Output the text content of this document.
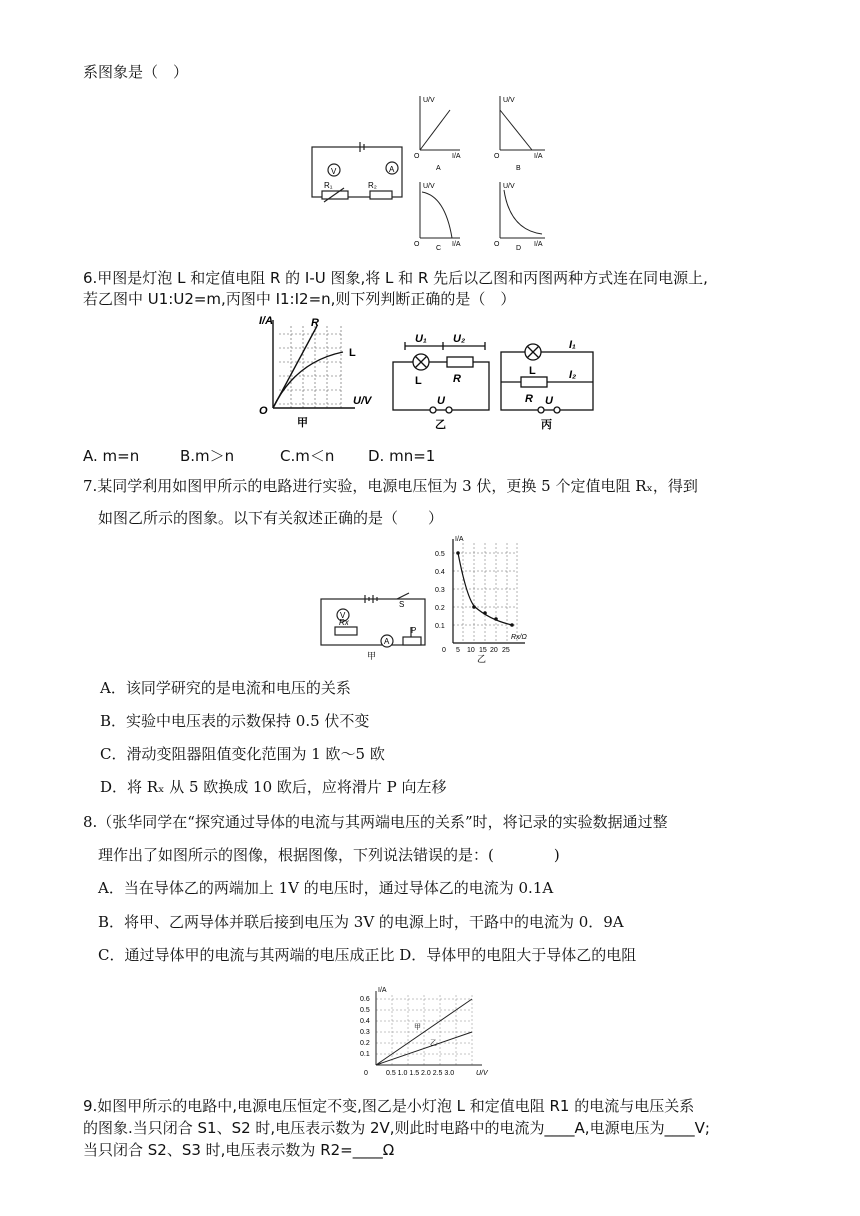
系图象是（　）
V	A
R₁	R₂
U/V
I/A
O
A
U/V
I/A
O
B
U/V
I/A
O
C
U/V
I/A
O
D
6.甲图是灯泡 L 和定值电阻 R 的 I-U 图象,将 L 和 R 先后以乙图和丙图两种方式连在同电源上,
若乙图中 U1:U2=m,丙图中 I1:I2=n,则下列判断正确的是（　）
I/A	R
L
U/V
O
甲
U₁ U₂
L	R
U
乙
I₁
I₂
L
R U
丙
A. m=n	B.m＞n	C.m＜n D. mn=1
7.某同学利用如图甲所示的电路进行实验，电源电压恒为 3 伏，更换 5 个定值电阻 Rₓ，得到
如图乙所示的图象。以下有关叙述正确的是（　　）
V
A
S
P
Rx
甲
I/A
0.5
0.4
0.3
0.2
0.1
0 5 10 15 20 25
Rx/Ω
乙
A．该同学研究的是电流和电压的关系
B．实验中电压表的示数保持 0.5 伏不变
C．滑动变阻器阻值变化范围为 1 欧～5 欧
D．将 Rₓ 从 5 欧换成 10 欧后，应将滑片 P 向左移
8.（张华同学在“探究通过导体的电流与其两端电压的关系”时，将记录的实验数据通过整
理作出了如图所示的图像，根据图像，下列说法错误的是：(　　　　)
A．当在导体乙的两端加上 1V 的电压时，通过导体乙的电流为 0.1A
B．将甲、乙两导体并联后接到电压为 3V 的电源上时，干路中的电流为 0．9A
C．通过导体甲的电流与其两端的电压成正比 D．导体甲的电阻大于导体乙的电阻
I/A
0.6
0.5
0.4
0.3
0.2
0.1
0	0.5 1.0 1.5 2.0 2.5 3.0	U/V
甲
乙
9.如图甲所示的电路中,电源电压恒定不变,图乙是小灯泡 L 和定值电阻 R1 的电流与电压关系
的图象.当只闭合 S1、S2 时,电压表示数为 2V,则此时电路中的电流为____A,电源电压为____V;
当只闭合 S2、S3 时,电压表示数为 R2=____Ω
